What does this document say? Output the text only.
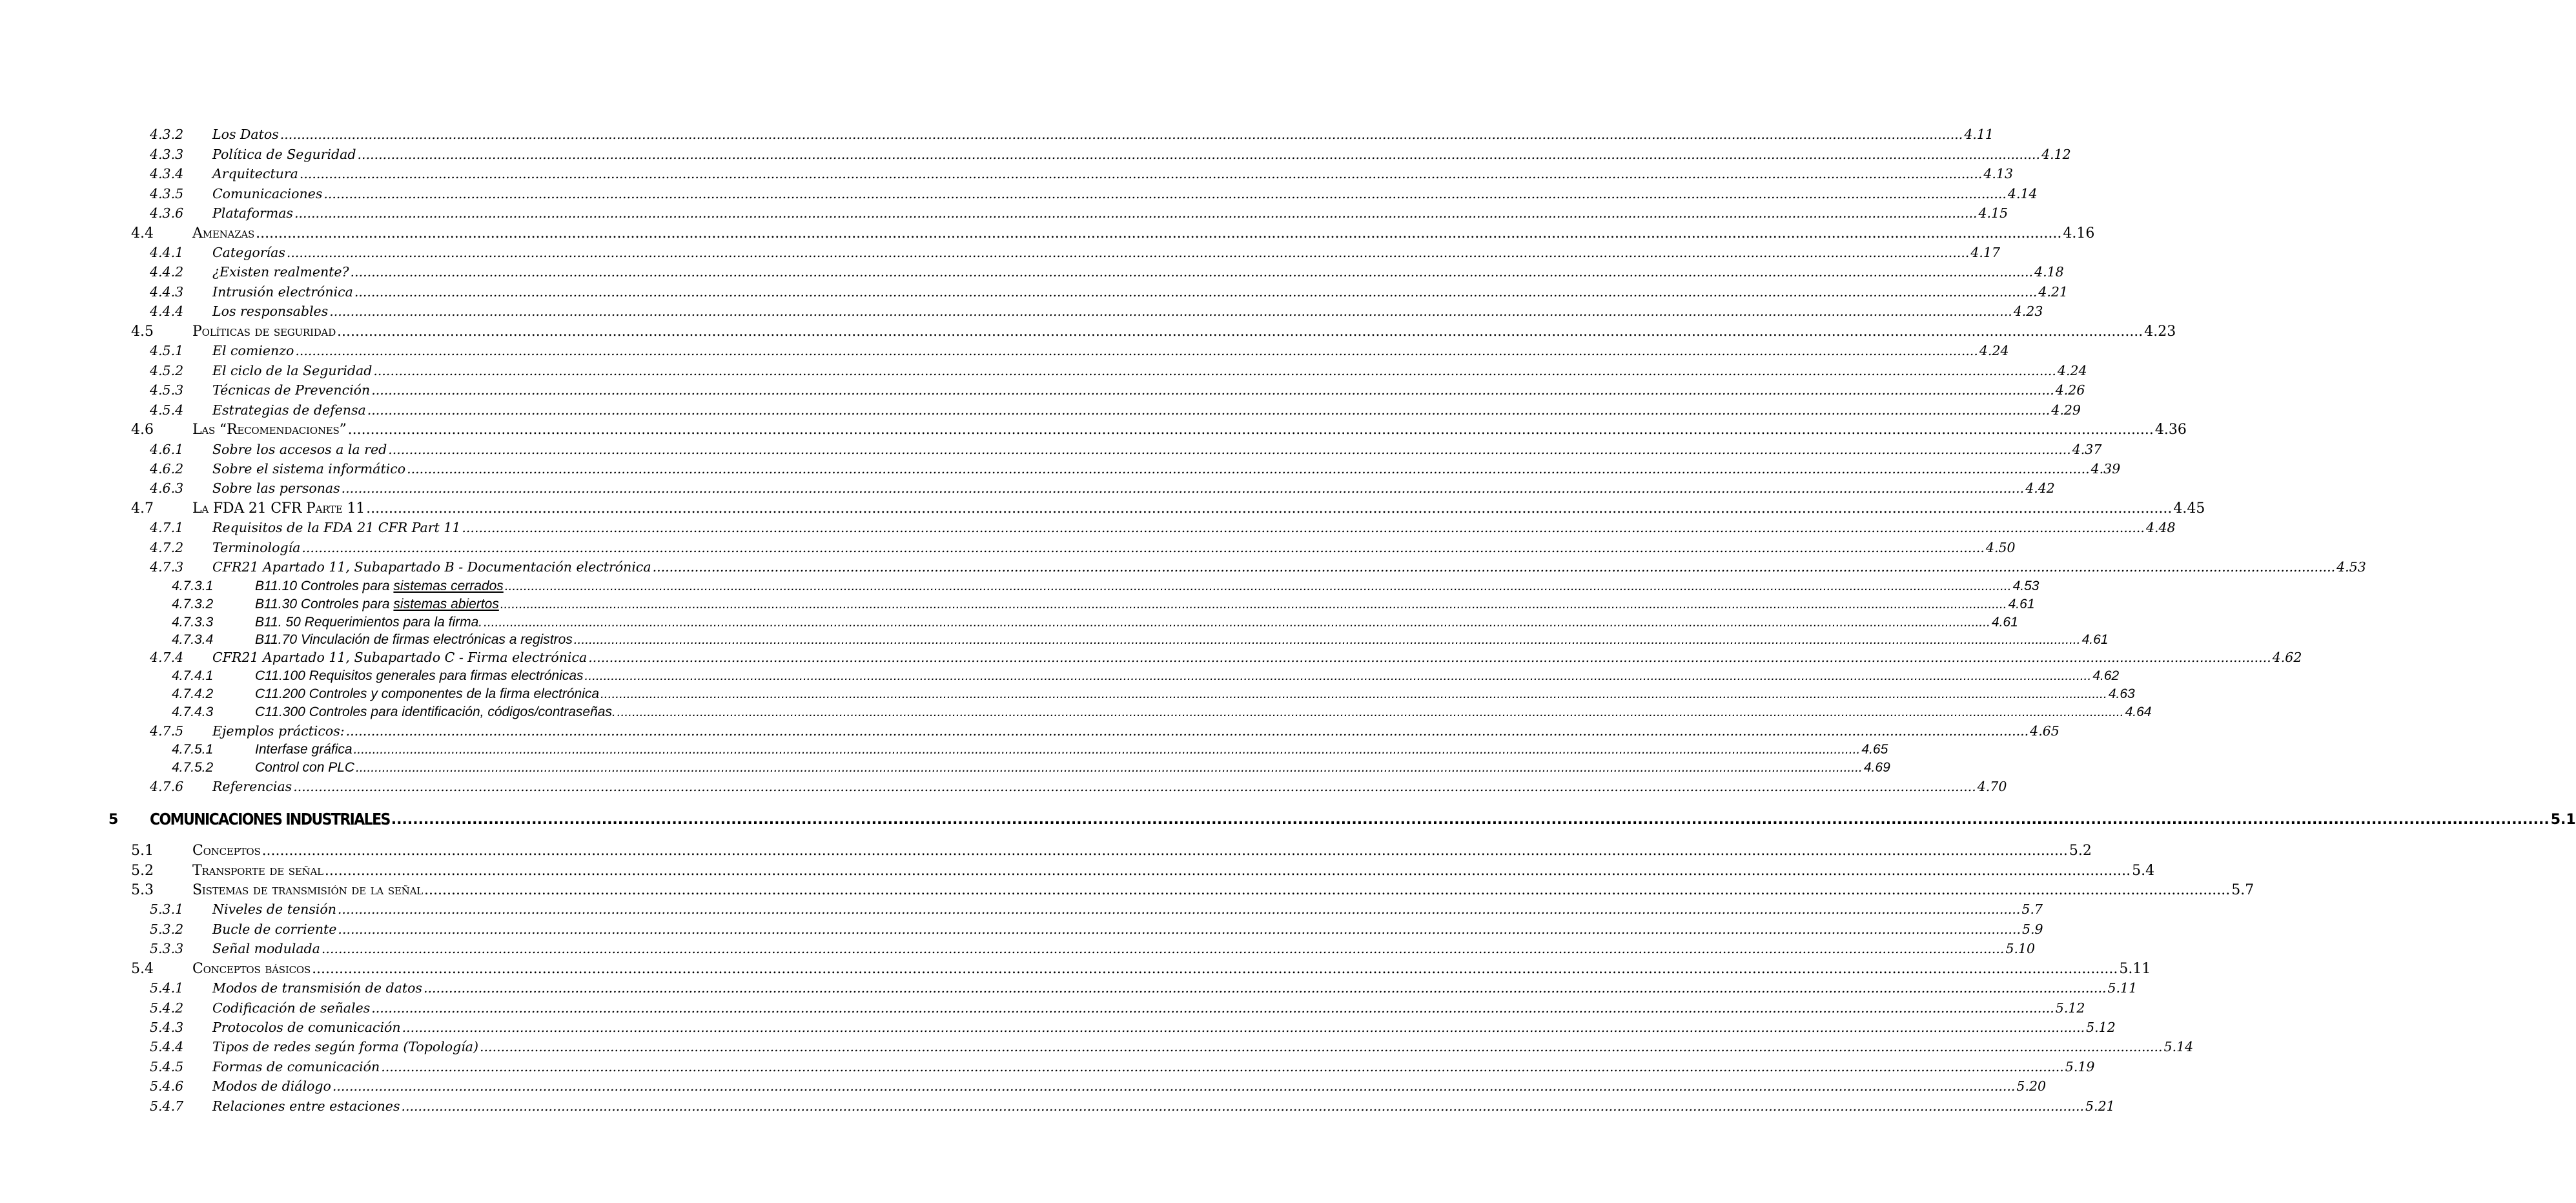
4.3.2 Los Datos ................................................................................................................................................................................................................................................................................................................................................................................................................ 4.11
4.3.3 Política de Seguridad ................................................................................................................................................................................................................................................................................................................................................................................................................ 4.12
4.3.4 Arquitectura ................................................................................................................................................................................................................................................................................................................................................................................................................ 4.13
4.3.5 Comunicaciones ................................................................................................................................................................................................................................................................................................................................................................................................................ 4.14
4.3.6 Plataformas ................................................................................................................................................................................................................................................................................................................................................................................................................ 4.15
4.4	Amenazas ................................................................................................................................................................................................................................................................................................................................................................................................................ 4.16
4.4.1 Categorías ................................................................................................................................................................................................................................................................................................................................................................................................................ 4.17
4.4.2 ¿Existen realmente? ................................................................................................................................................................................................................................................................................................................................................................................................................ 4.18
4.4.3 Intrusión electrónica ................................................................................................................................................................................................................................................................................................................................................................................................................ 4.21
4.4.4 Los responsables ................................................................................................................................................................................................................................................................................................................................................................................................................ 4.23
4.5	Políticas de seguridad ................................................................................................................................................................................................................................................................................................................................................................................................................ 4.23
4.5.1 El comienzo ................................................................................................................................................................................................................................................................................................................................................................................................................ 4.24
4.5.2 El ciclo de la Seguridad ................................................................................................................................................................................................................................................................................................................................................................................................................ 4.24
4.5.3 Técnicas de Prevención ................................................................................................................................................................................................................................................................................................................................................................................................................ 4.26
4.5.4 Estrategias de defensa ................................................................................................................................................................................................................................................................................................................................................................................................................ 4.29
4.6	Las “Recomendaciones” ................................................................................................................................................................................................................................................................................................................................................................................................................ 4.36
4.6.1 Sobre los accesos a la red ................................................................................................................................................................................................................................................................................................................................................................................................................ 4.37
4.6.2 Sobre el sistema informático ................................................................................................................................................................................................................................................................................................................................................................................................................ 4.39
4.6.3 Sobre las personas ................................................................................................................................................................................................................................................................................................................................................................................................................ 4.42
4.7	La FDA 21 CFR Parte 11 ................................................................................................................................................................................................................................................................................................................................................................................................................ 4.45
4.7.1 Requisitos de la FDA 21 CFR Part 11 ................................................................................................................................................................................................................................................................................................................................................................................................................ 4.48
4.7.2 Terminología ................................................................................................................................................................................................................................................................................................................................................................................................................ 4.50
4.7.3 CFR21 Apartado 11, Subapartado B - Documentación electrónica ................................................................................................................................................................................................................................................................................................................................................................................................................ 4.53
4.7.3.1	B11.10 Controles para sistemas cerrados ................................................................................................................................................................................................................................................................................................................................................................................................................ 4.53
4.7.3.2	B11.30 Controles para sistemas abiertos ................................................................................................................................................................................................................................................................................................................................................................................................................ 4.61
4.7.3.3	B11. 50 Requerimientos para la firma. ................................................................................................................................................................................................................................................................................................................................................................................................................ 4.61
4.7.3.4	B11.70 Vinculación de firmas electrónicas a registros ................................................................................................................................................................................................................................................................................................................................................................................................................ 4.61
4.7.4 CFR21 Apartado 11, Subapartado C - Firma electrónica ................................................................................................................................................................................................................................................................................................................................................................................................................ 4.62
4.7.4.1	C11.100 Requisitos generales para firmas electrónicas ................................................................................................................................................................................................................................................................................................................................................................................................................ 4.62
4.7.4.2	C11.200 Controles y componentes de la firma electrónica ................................................................................................................................................................................................................................................................................................................................................................................................................ 4.63
4.7.4.3	C11.300 Controles para identificación, códigos/contraseñas. ................................................................................................................................................................................................................................................................................................................................................................................................................ 4.64
4.7.5 Ejemplos prácticos: ................................................................................................................................................................................................................................................................................................................................................................................................................ 4.65
4.7.5.1	Interfase gráfica ................................................................................................................................................................................................................................................................................................................................................................................................................ 4.65
4.7.5.2	Control con PLC ................................................................................................................................................................................................................................................................................................................................................................................................................ 4.69
4.7.6 Referencias ................................................................................................................................................................................................................................................................................................................................................................................................................ 4.70
5 COMUNICACIONES INDUSTRIALES ................................................................................................................................................................................................................................................................................................................................................................................................................ 5.1
5.1	Conceptos ................................................................................................................................................................................................................................................................................................................................................................................................................ 5.2
5.2	Transporte de señal ................................................................................................................................................................................................................................................................................................................................................................................................................ 5.4
5.3	Sistemas de transmisión de la señal ................................................................................................................................................................................................................................................................................................................................................................................................................ 5.7
5.3.1 Niveles de tensión ................................................................................................................................................................................................................................................................................................................................................................................................................ 5.7
5.3.2 Bucle de corriente ................................................................................................................................................................................................................................................................................................................................................................................................................ 5.9
5.3.3 Señal modulada ................................................................................................................................................................................................................................................................................................................................................................................................................ 5.10
5.4	Conceptos básicos ................................................................................................................................................................................................................................................................................................................................................................................................................ 5.11
5.4.1 Modos de transmisión de datos ................................................................................................................................................................................................................................................................................................................................................................................................................ 5.11
5.4.2 Codificación de señales ................................................................................................................................................................................................................................................................................................................................................................................................................ 5.12
5.4.3 Protocolos de comunicación ................................................................................................................................................................................................................................................................................................................................................................................................................ 5.12
5.4.4 Tipos de redes según forma (Topología) ................................................................................................................................................................................................................................................................................................................................................................................................................ 5.14
5.4.5 Formas de comunicación ................................................................................................................................................................................................................................................................................................................................................................................................................ 5.19
5.4.6 Modos de diálogo ................................................................................................................................................................................................................................................................................................................................................................................................................ 5.20
5.4.7 Relaciones entre estaciones ................................................................................................................................................................................................................................................................................................................................................................................................................ 5.21
